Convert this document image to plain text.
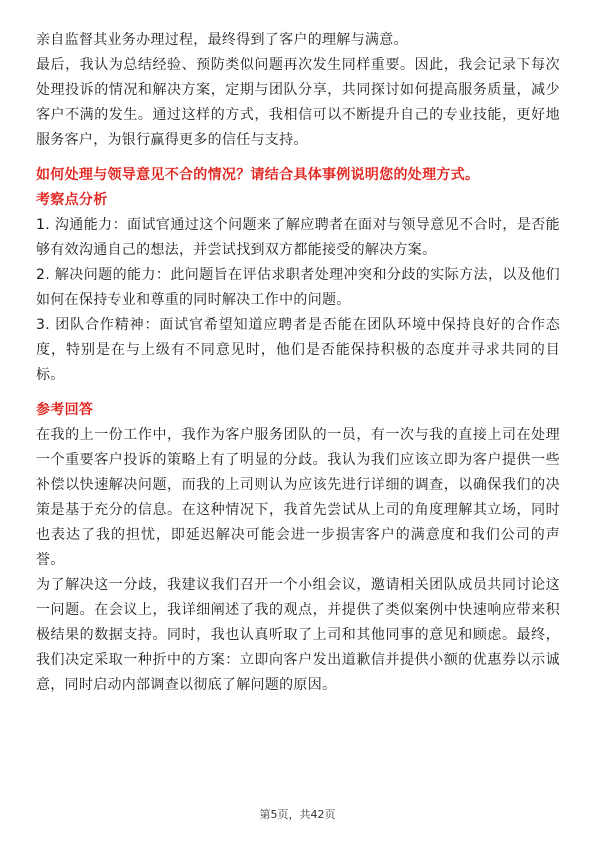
亲自监督其业务办理过程，最终得到了客户的理解与满意。

最后，我认为总结经验、预防类似问题再次发生同样重要。因此，我会记录下每次处理投诉的情况和解决方案，定期与团队分享，共同探讨如何提高服务质量，减少客户不满的发生。通过这样的方式，我相信可以不断提升自己的专业技能，更好地服务客户，为银行赢得更多的信任与支持。

如何处理与领导意见不合的情况？请结合具体事例说明您的处理方式。

考察点分析

1. 沟通能力：面试官通过这个问题来了解应聘者在面对与领导意见不合时，是否能够有效沟通自己的想法，并尝试找到双方都能接受的解决方案。

2. 解决问题的能力：此问题旨在评估求职者处理冲突和分歧的实际方法，以及他们如何在保持专业和尊重的同时解决工作中的问题。

3. 团队合作精神：面试官希望知道应聘者是否能在团队环境中保持良好的合作态度，特别是在与上级有不同意见时，他们是否能保持积极的态度并寻求共同的目标。

参考回答

在我的上一份工作中，我作为客户服务团队的一员，有一次与我的直接上司在处理一个重要客户投诉的策略上有了明显的分歧。我认为我们应该立即为客户提供一些补偿以快速解决问题，而我的上司则认为应该先进行详细的调查，以确保我们的决策是基于充分的信息。在这种情况下，我首先尝试从上司的角度理解其立场，同时也表达了我的担忧，即延迟解决可能会进一步损害客户的满意度和我们公司的声誉。

为了解决这一分歧，我建议我们召开一个小组会议，邀请相关团队成员共同讨论这一问题。在会议上，我详细阐述了我的观点，并提供了类似案例中快速响应带来积极结果的数据支持。同时，我也认真听取了上司和其他同事的意见和顾虑。最终，我们决定采取一种折中的方案：立即向客户发出道歉信并提供小额的优惠券以示诚意，同时启动内部调查以彻底了解问题的原因。

第5页，共42页
